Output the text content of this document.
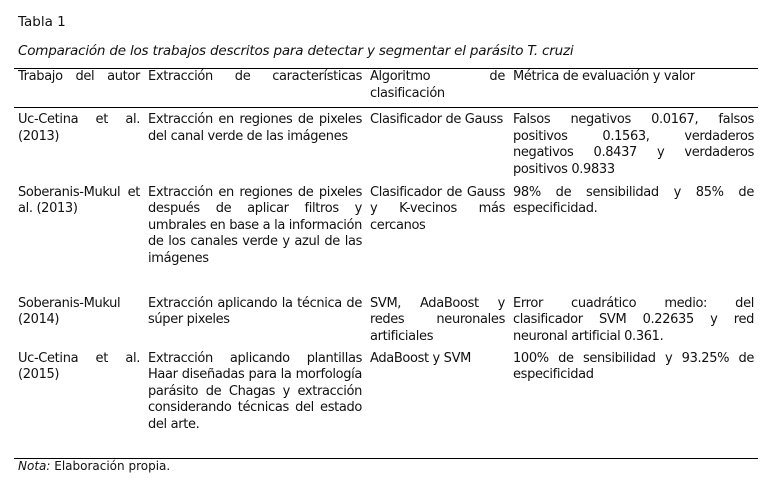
Tabla 1
Comparación de los trabajos descritos para detectar y segmentar el parásito T. cruzi
Trabajo del autor	Extracción de características	Algoritmo de clasificación	Métrica de evaluación y valor
Uc-Cetina et al. (2013)	Extracción en regiones de pixeles del canal verde de las imágenes	Clasificador de Gauss	Falsos negativos 0.0167, falsos positivos 0.1563, verdaderos negativos 0.8437 y verdaderos positivos 0.9833
Soberanis-Mukul et al. (2013)	Extracción en regiones de pixeles después de aplicar filtros y umbrales en base a la información de los canales verde y azul de las imágenes	Clasificador de Gauss y K-vecinos más cercanos	98% de sensibilidad y 85% de especificidad.
Soberanis-Mukul (2014)	Extracción aplicando la técnica de súper pixeles	SVM, AdaBoost y redes neuronales artificiales	Error cuadrático medio: del clasificador SVM 0.22635 y red neuronal artificial 0.361.
Uc-Cetina et al. (2015)	Extracción aplicando plantillas Haar diseñadas para la morfología parásito de Chagas y extracción considerando técnicas del estado del arte.	AdaBoost y SVM	100% de sensibilidad y 93.25% de especificidad
Nota: Elaboración propia.
